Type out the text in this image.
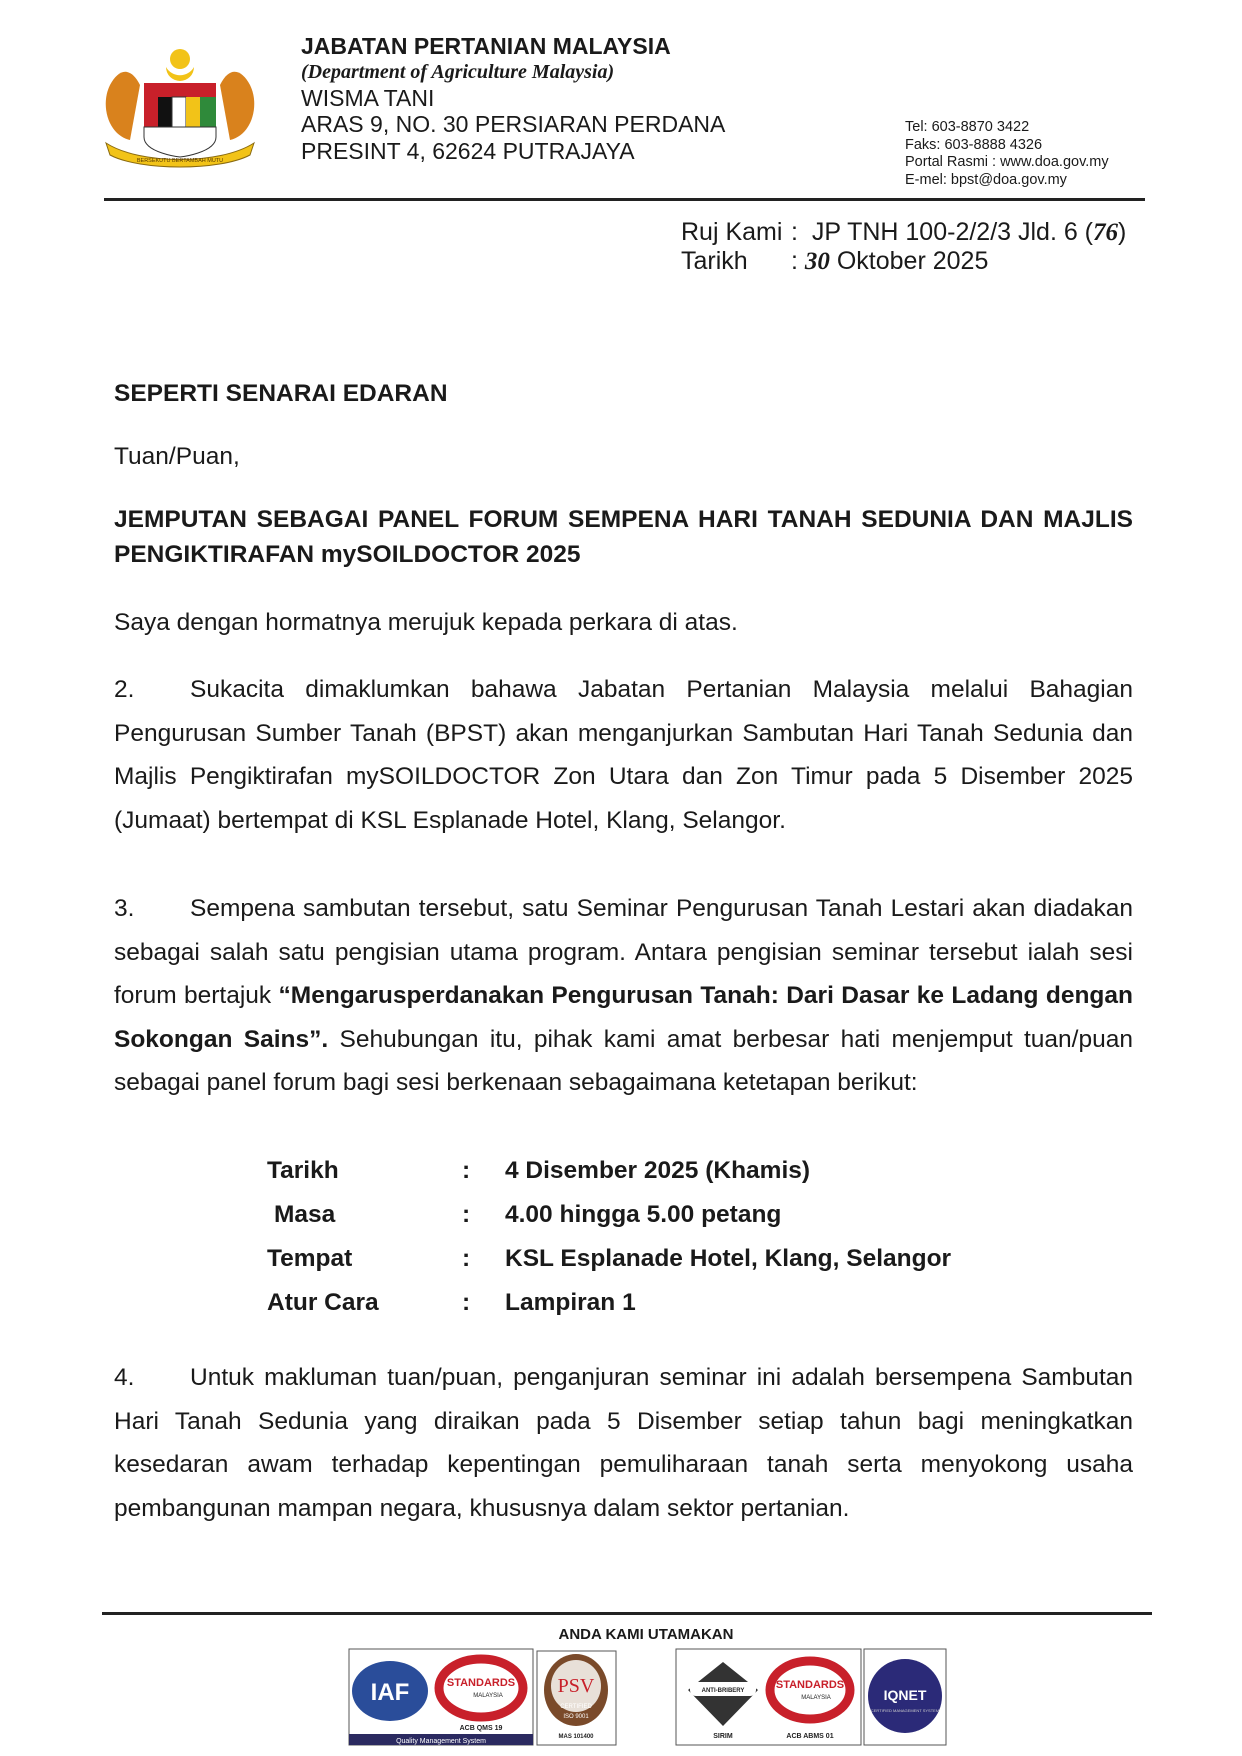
BERSEKUTU BERTAMBAH MUTU
JABATAN PERTANIAN MALAYSIA
(Department of Agriculture Malaysia)
WISMA TANI
ARAS 9, NO. 30 PERSIARAN PERDANA
PRESINT 4, 62624 PUTRAJAYA
Tel: 603-8870 3422
Faks: 603-8888 4326
Portal Rasmi : www.doa.gov.my
E-mel: bpst@doa.gov.my
Ruj Kami : JP TNH 100-2/2/3 Jld. 6 (76)
Tarikh : 30 Oktober 2025
SEPERTI SENARAI EDARAN
Tuan/Puan,
JEMPUTAN SEBAGAI PANEL FORUM SEMPENA HARI TANAH SEDUNIA DAN MAJLIS PENGIKTIRAFAN mySOILDOCTOR 2025
Saya dengan hormatnya merujuk kepada perkara di atas.
2. Sukacita dimaklumkan bahawa Jabatan Pertanian Malaysia melalui Bahagian Pengurusan Sumber Tanah (BPST) akan menganjurkan Sambutan Hari Tanah Sedunia dan Majlis Pengiktirafan mySOILDOCTOR Zon Utara dan Zon Timur pada 5 Disember 2025 (Jumaat) bertempat di KSL Esplanade Hotel, Klang, Selangor.
3. Sempena sambutan tersebut, satu Seminar Pengurusan Tanah Lestari akan diadakan sebagai salah satu pengisian utama program. Antara pengisian seminar tersebut ialah sesi forum bertajuk “Mengarusperdanakan Pengurusan Tanah: Dari Dasar ke Ladang dengan Sokongan Sains”. Sehubungan itu, pihak kami amat berbesar hati menjemput tuan/puan sebagai panel forum bagi sesi berkenaan sebagaimana ketetapan berikut:
Tarikh	: 4 Disember 2025 (Khamis)
Masa	: 4.00 hingga 5.00 petang
Tempat	: KSL Esplanade Hotel, Klang, Selangor
Atur Cara	: Lampiran 1
4. Untuk makluman tuan/puan, penganjuran seminar ini adalah bersempena Sambutan Hari Tanah Sedunia yang diraikan pada 5 Disember setiap tahun bagi meningkatkan kesedaran awam terhadap kepentingan pemuliharaan tanah serta menyokong usaha pembangunan mampan negara, khususnya dalam sektor pertanian.
ANDA KAMI UTAMAKAN
Quality Management System
IAF	STANDARDS
MALAYSIA
ACB QMS 19
PSV
CERTIFIED
ISO 9001
MAS 101400
ANTI-BRIBERY
SIRIM
STANDARDS
MALAYSIA
ACB ABMS 01
IQNET
CERTIFIED MANAGEMENT SYSTEM
